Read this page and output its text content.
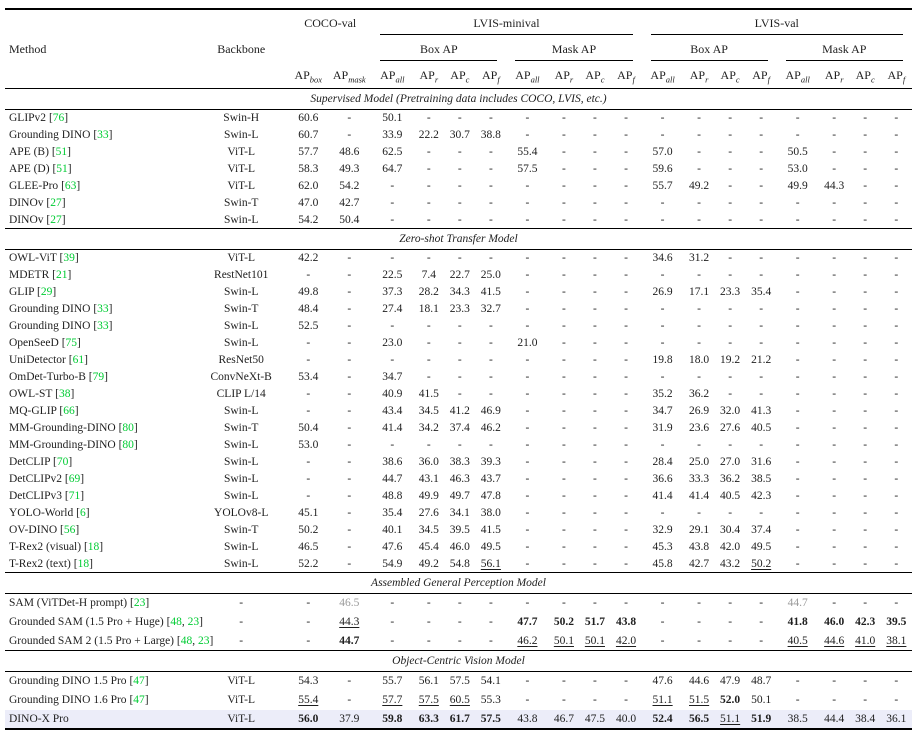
Method	Backbone	COCO-val		LVIS-minival								LVIS-val							
				Box AP				Mask AP				Box AP				Mask AP			
		$AP_{box}$	$AP_{mask}$	$AP_{all}$	$AP_r$	$AP_c$	$AP_f$	$AP_{all}$	$AP_r$	$AP_c$	$AP_f$	$AP_{all}$	$AP_r$	$AP_c$	$AP_f$	$AP_{all}$	$AP_r$	$AP_c$	$AP_f$
Supervised Model (Pretraining data includes COCO, LVIS, etc.)																			
GLIPv2 [76]	Swin-H	60.6	-	50.1	-	-	-	-	-	-	-	-	-	-	-	-	-	-	-
Grounding DINO [33]	Swin-L	60.7	-	33.9	22.2	30.7	38.8	-	-	-	-	-	-	-	-	-	-	-	-
APE (B) [51]	ViT-L	57.7	48.6	62.5	-	-	-	55.4	-	-	-	57.0	-	-	-	50.5	-	-	-
APE (D) [51]	ViT-L	58.3	49.3	64.7	-	-	-	57.5	-	-	-	59.6	-	-	-	53.0	-	-	-
GLEE-Pro [63]	ViT-L	62.0	54.2	-	-	-	-	-	-	-	-	55.7	49.2	-	-	49.9	44.3	-	-
DINOv [27]	Swin-T	47.0	42.7	-	-	-	-	-	-	-	-	-	-	-	-	-	-	-	-
DINOv [27]	Swin-L	54.2	50.4	-	-	-	-	-	-	-	-	-	-	-	-	-	-	-	-
Zero-shot Transfer Model																			
OWL-ViT [39]	ViT-L	42.2	-	-	-	-	-	-	-	-	-	34.6	31.2	-	-	-	-	-	-
MDETR [21]	RestNet101	-	-	22.5	7.4	22.7	25.0	-	-	-	-	-	-	-	-	-	-	-	-
GLIP [29]	Swin-L	49.8	-	37.3	28.2	34.3	41.5	-	-	-	-	26.9	17.1	23.3	35.4	-	-	-	-
Grounding DINO [33]	Swin-T	48.4	-	27.4	18.1	23.3	32.7	-	-	-	-	-	-	-	-	-	-	-	-
Grounding DINO [33]	Swin-L	52.5	-	-	-	-	-	-	-	-	-	-	-	-	-	-	-	-	-
OpenSeeD [75]	Swin-L	-	-	23.0	-	-	-	21.0	-	-	-	-	-	-	-	-	-	-	-
UniDetector [61]	ResNet50	-	-	-	-	-	-	-	-	-	-	19.8	18.0	19.2	21.2	-	-	-	-
OmDet-Turbo-B [79]	ConvNeXt-B	53.4	-	34.7	-	-	-	-	-	-	-	-	-	-	-	-	-	-	-
OWL-ST [38]	CLIP L/14	-	-	40.9	41.5	-	-	-	-	-	-	35.2	36.2	-	-	-	-	-	-
MQ-GLIP [66]	Swin-L	-	-	43.4	34.5	41.2	46.9	-	-	-	-	34.7	26.9	32.0	41.3	-	-	-	-
MM-Grounding-DINO [80]	Swin-T	50.4	-	41.4	34.2	37.4	46.2	-	-	-	-	31.9	23.6	27.6	40.5	-	-	-	-
MM-Grounding-DINO [80]	Swin-L	53.0	-	-	-	-	-	-	-	-	-	-	-	-	-	-	-	-	-
DetCLIP [70]	Swin-L	-	-	38.6	36.0	38.3	39.3	-	-	-	-	28.4	25.0	27.0	31.6	-	-	-	-
DetCLIPv2 [69]	Swin-L	-	-	44.7	43.1	46.3	43.7	-	-	-	-	36.6	33.3	36.2	38.5	-	-	-	-
DetCLIPv3 [71]	Swin-L	-	-	48.8	49.9	49.7	47.8	-	-	-	-	41.4	41.4	40.5	42.3	-	-	-	-
YOLO-World [6]	YOLOv8-L	45.1	-	35.4	27.6	34.1	38.0	-	-	-	-	-	-	-	-	-	-	-	-
OV-DINO [56]	Swin-T	50.2	-	40.1	34.5	39.5	41.5	-	-	-	-	32.9	29.1	30.4	37.4	-	-	-	-
T-Rex2 (visual) [18]	Swin-L	46.5	-	47.6	45.4	46.0	49.5	-	-	-	-	45.3	43.8	42.0	49.5	-	-	-	-
T-Rex2 (text) [18]	Swin-L	52.2	-	54.9	49.2	54.8	56.1	-	-	-	-	45.8	42.7	43.2	50.2	-	-	-	-
Assembled General Perception Model																			
SAM (ViTDet-H prompt) [23]	-	-	46.5	-	-	-	-	-	-	-	-	-	-	-	-	44.7	-	-	-
Grounded SAM (1.5 Pro + Huge) [48, 23]	-	-	44.3	-	-	-	-	47.7	50.2	51.7	43.8	-	-	-	-	41.8	46.0	42.3	39.5
Grounded SAM 2 (1.5 Pro + Large) [48, 23]	-	-	44.7	-	-	-	-	46.2	50.1	50.1	42.0	-	-	-	-	40.5	44.6	41.0	38.1
Object-Centric Vision Model																			
Grounding DINO 1.5 Pro [47]	ViT-L	54.3	-	55.7	56.1	57.5	54.1	-	-	-	-	47.6	44.6	47.9	48.7	-	-	-	-
Grounding DINO 1.6 Pro [47]	ViT-L	55.4	-	57.7	57.5	60.5	55.3	-	-	-	-	51.1	51.5	52.0	50.1	-	-	-	-
DINO-X Pro	ViT-L	56.0	37.9	59.8	63.3	61.7	57.5	43.8	46.7	47.5	40.0	52.4	56.5	51.1	51.9	38.5	44.4	38.4	36.1
